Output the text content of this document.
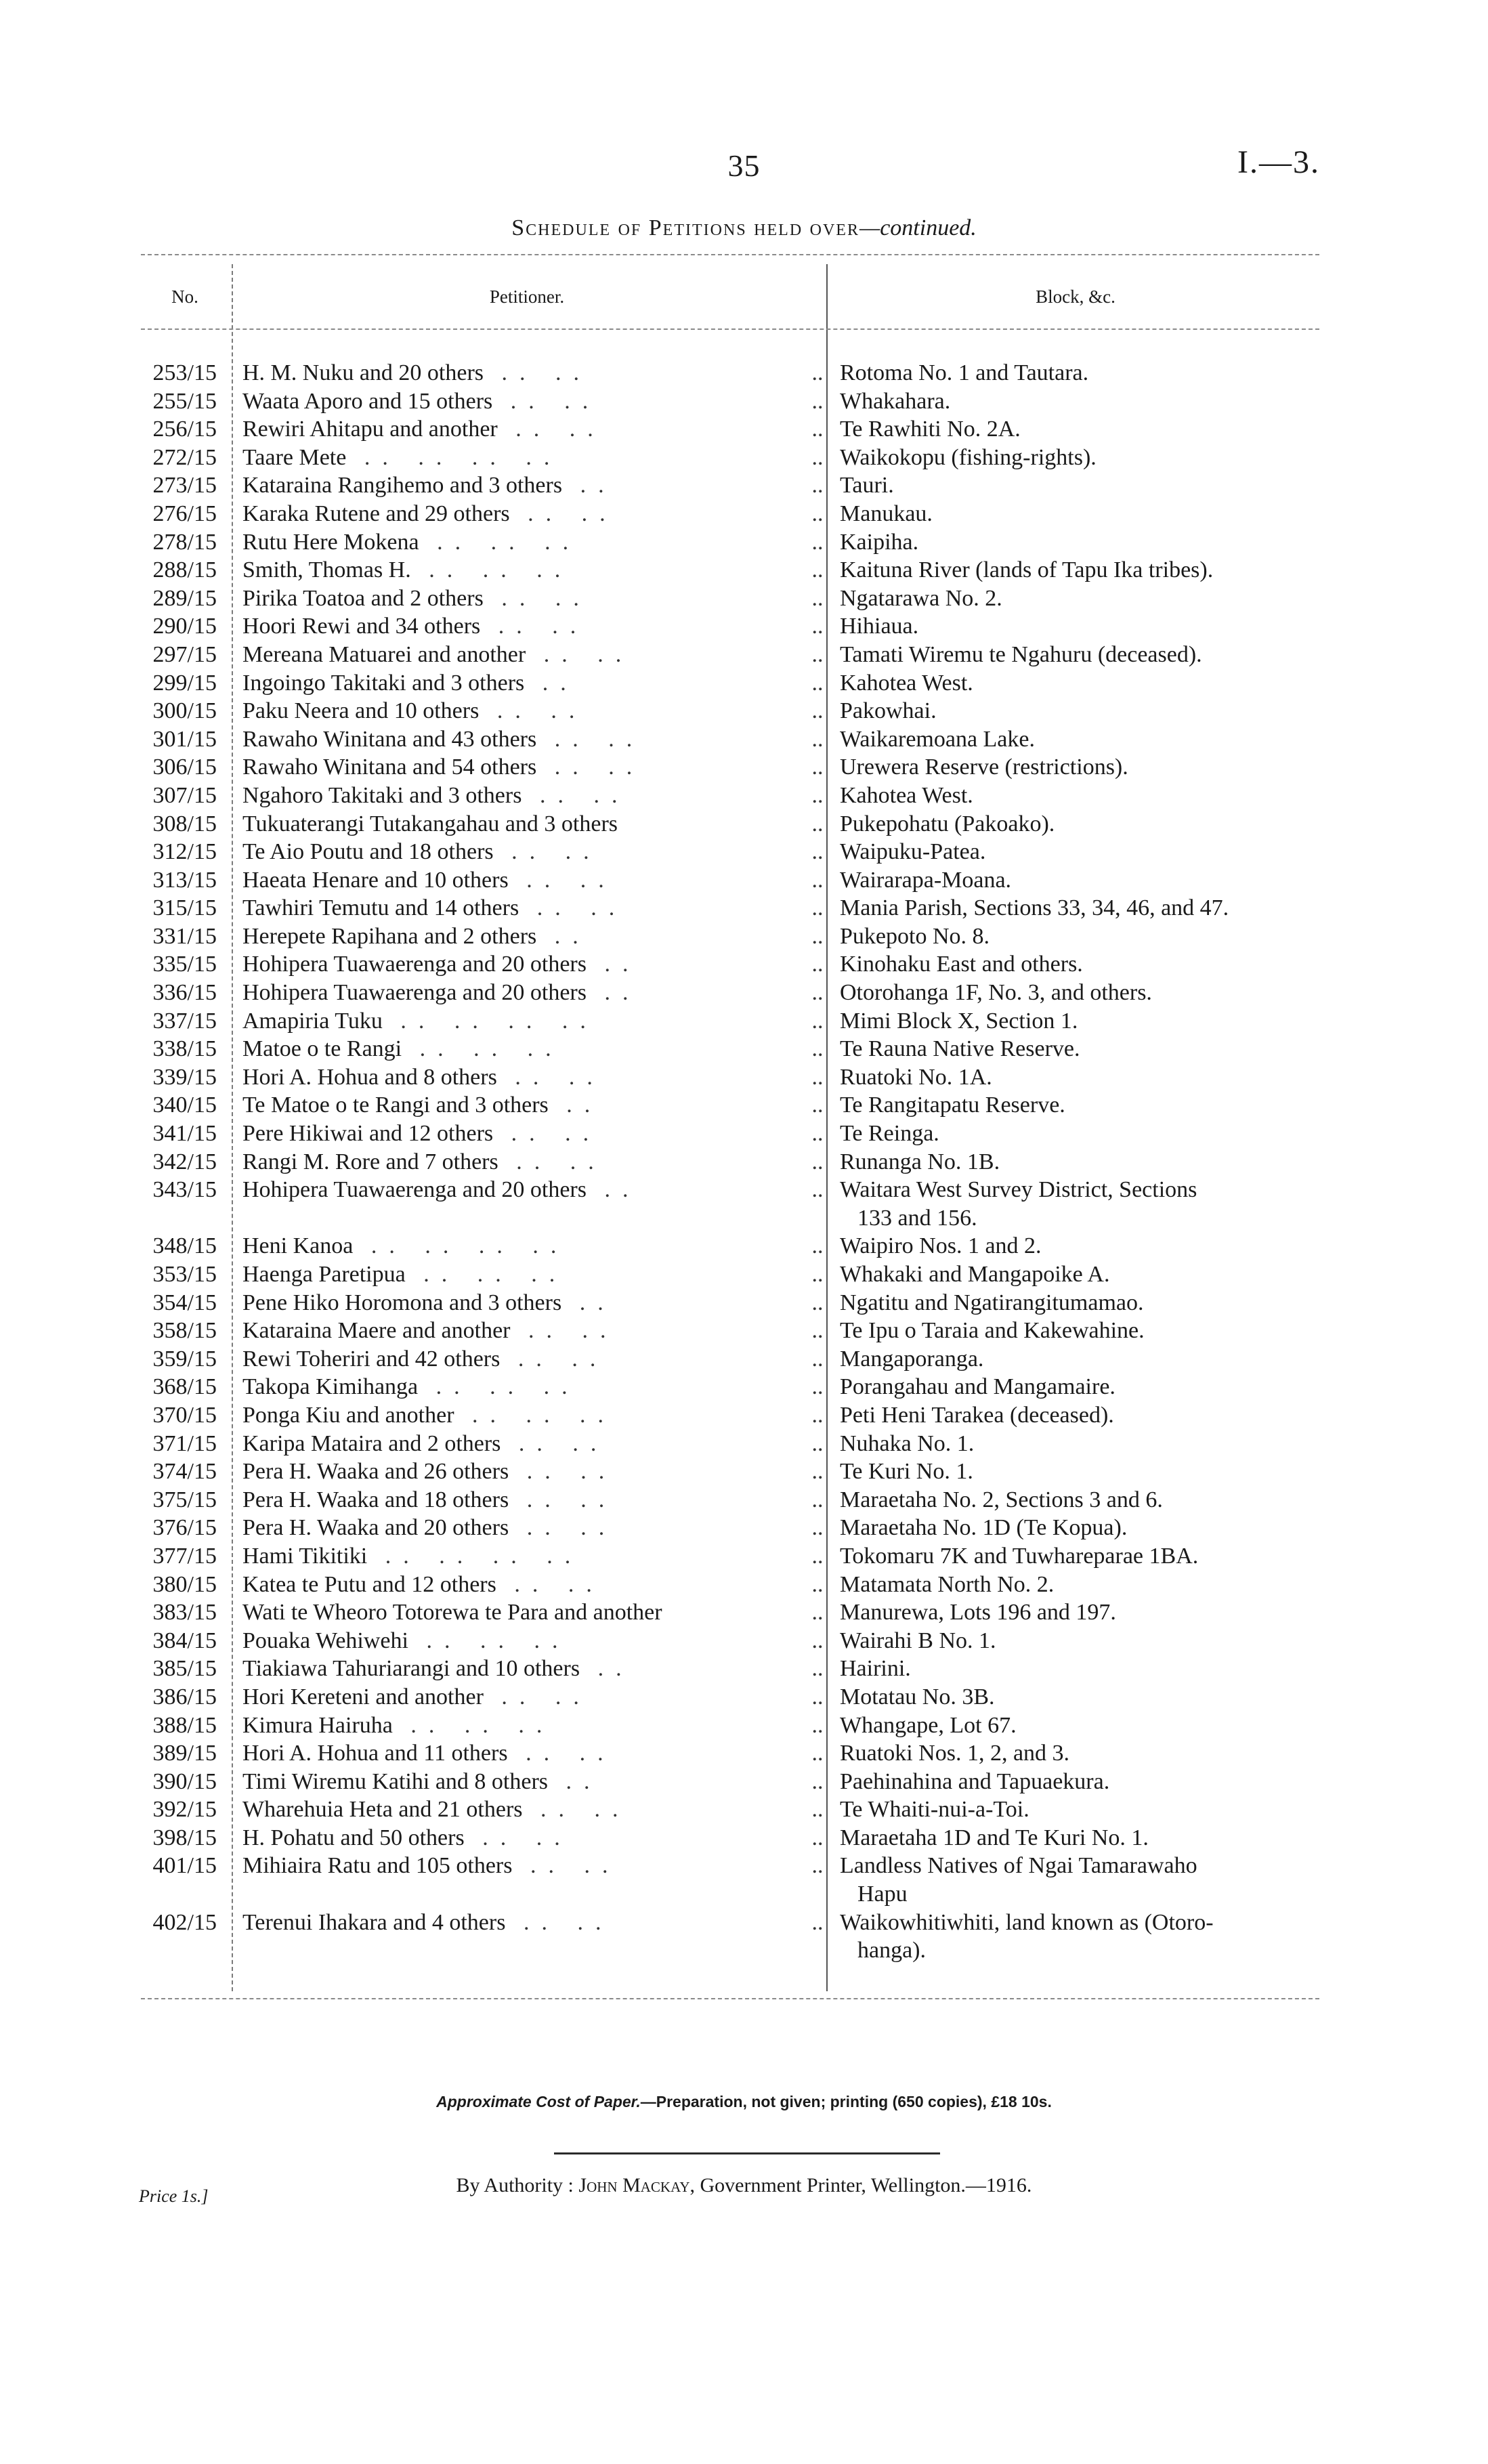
35	I.—3.
Schedule of Petitions held over—continued.
No.	Petitioner.	Block, &c.
253/15	H. M. Nuku and 20 others .. ..	.. Rotoma No. 1 and Tautara.
255/15	Waata Aporo and 15 others .. ..	.. Whakahara.
256/15	Rewiri Ahitapu and another .. ..	.. Te Rawhiti No. 2A.
272/15	Taare Mete .. .. .. ..	.. Waikokopu (fishing-rights).
273/15	Kataraina Rangihemo and 3 others ..	.. Tauri.
276/15	Karaka Rutene and 29 others .. ..	.. Manukau.
278/15	Rutu Here Mokena .. .. ..	.. Kaipiha.
288/15	Smith, Thomas H. .. .. ..	.. Kaituna River (lands of Tapu Ika tribes).
289/15	Pirika Toatoa and 2 others .. ..	.. Ngatarawa No. 2.
290/15	Hoori Rewi and 34 others .. ..	.. Hihiaua.
297/15	Mereana Matuarei and another .. ..	.. Tamati Wiremu te Ngahuru (deceased).
299/15	Ingoingo Takitaki and 3 others ..	.. Kahotea West.
300/15	Paku Neera and 10 others .. ..	.. Pakowhai.
301/15	Rawaho Winitana and 43 others .. ..	.. Waikaremoana Lake.
306/15	Rawaho Winitana and 54 others .. ..	.. Urewera Reserve (restrictions).
307/15	Ngahoro Takitaki and 3 others .. ..	.. Kahotea West.
308/15	Tukuaterangi Tutakangahau and 3 others	.. Pukepohatu (Pakoako).
312/15	Te Aio Poutu and 18 others .. ..	.. Waipuku-Patea.
313/15	Haeata Henare and 10 others .. ..	.. Wairarapa-Moana.
315/15	Tawhiri Temutu and 14 others .. ..	.. Mania Parish, Sections 33, 34, 46, and 47.
331/15	Herepete Rapihana and 2 others ..	.. Pukepoto No. 8.
335/15	Hohipera Tuawaerenga and 20 others ..	.. Kinohaku East and others.
336/15	Hohipera Tuawaerenga and 20 others ..	.. Otorohanga 1F, No. 3, and others.
337/15	Amapiria Tuku .. .. .. ..	.. Mimi Block X, Section 1.
338/15	Matoe o te Rangi .. .. ..	.. Te Rauna Native Reserve.
339/15	Hori A. Hohua and 8 others .. ..	.. Ruatoki No. 1A.
340/15	Te Matoe o te Rangi and 3 others ..	.. Te Rangitapatu Reserve.
341/15	Pere Hikiwai and 12 others .. ..	.. Te Reinga.
342/15	Rangi M. Rore and 7 others .. ..	.. Runanga No. 1B.
343/15	Hohipera Tuawaerenga and 20 others ..	.. Waitara West Survey District, Sections
133 and 156.
348/15	Heni Kanoa .. .. .. ..	.. Waipiro Nos. 1 and 2.
353/15	Haenga Paretipua .. .. ..	.. Whakaki and Mangapoike A.
354/15	Pene Hiko Horomona and 3 others ..	.. Ngatitu and Ngatirangitumamao.
358/15	Kataraina Maere and another .. ..	.. Te Ipu o Taraia and Kakewahine.
359/15	Rewi Toheriri and 42 others .. ..	.. Mangaporanga.
368/15	Takopa Kimihanga .. .. ..	.. Porangahau and Mangamaire.
370/15	Ponga Kiu and another .. .. ..	.. Peti Heni Tarakea (deceased).
371/15	Karipa Mataira and 2 others .. ..	.. Nuhaka No. 1.
374/15	Pera H. Waaka and 26 others .. ..	.. Te Kuri No. 1.
375/15	Pera H. Waaka and 18 others .. ..	.. Maraetaha No. 2, Sections 3 and 6.
376/15	Pera H. Waaka and 20 others .. ..	.. Maraetaha No. 1D (Te Kopua).
377/15	Hami Tikitiki .. .. .. ..	.. Tokomaru 7K and Tuwhareparae 1BA.
380/15	Katea te Putu and 12 others .. ..	.. Matamata North No. 2.
383/15	Wati te Wheoro Totorewa te Para and another	.. Manurewa, Lots 196 and 197.
384/15	Pouaka Wehiwehi .. .. ..	.. Wairahi B No. 1.
385/15	Tiakiawa Tahuriarangi and 10 others ..	.. Hairini.
386/15	Hori Kereteni and another .. ..	.. Motatau No. 3B.
388/15	Kimura Hairuha .. .. ..	.. Whangape, Lot 67.
389/15	Hori A. Hohua and 11 others .. ..	.. Ruatoki Nos. 1, 2, and 3.
390/15	Timi Wiremu Katihi and 8 others ..	.. Paehinahina and Tapuaekura.
392/15	Wharehuia Heta and 21 others .. ..	.. Te Whaiti-nui-a-Toi.
398/15	H. Pohatu and 50 others .. ..	.. Maraetaha 1D and Te Kuri No. 1.
401/15	Mihiaira Ratu and 105 others .. ..	.. Landless Natives of Ngai Tamarawaho
Hapu
402/15	Terenui Ihakara and 4 others .. ..	.. Waikowhitiwhiti, land known as (Otoro-
hanga).
Approximate Cost of Paper.—Preparation, not given; printing (650 copies), £18 10s.
By Authority : John Mackay, Government Printer, Wellington.—1916.
Price 1s.]
